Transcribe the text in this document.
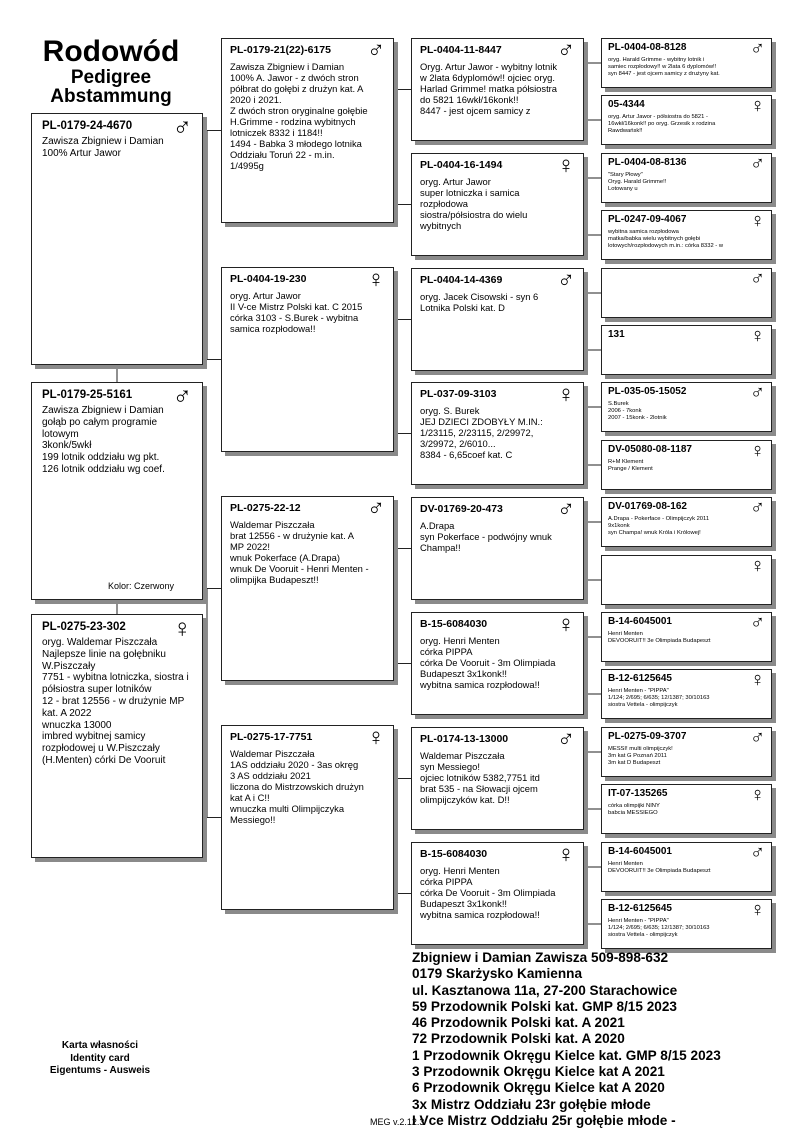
Rodowód
Pedigree
Abstammung
PL-0179-24-4670 ♂
Zawisza Zbigniew i Damian
100% Artur Jawor
PL-0179-25-5161 ♂
Zawisza Zbigniew i Damian
gołąb po całym programie
lotowym
3konk/5wkł
199 lotnik oddziału wg pkt.
126 lotnik oddziału wg coef.
Kolor: Czerwony
PL-0275-23-302 ♀
oryg. Waldemar Piszczała
Najlepsze linie na gołębniku
W.Piszczały
7751 - wybitna lotniczka, siostra i
półsiostra super lotników
12 - brat 12556 - w drużynie MP
kat. A 2022
wnuczka 13000
imbred wybitnej samicy
rozpłodowej u W.Piszczały
(H.Menten) córki De Vooruit
PL-0179-21(22)-6175 ♂
Zawisza Zbigniew i Damian
100% A. Jawor - z dwóch stron
półbrat do gołębi z drużyn kat. A
2020 i 2021.
Z dwóch stron oryginalne gołębie
H.Grimme - rodzina wybitnych
lotniczek 8332 i 1184!!
1494 - Babka 3 młodego lotnika
Oddziału Toruń 22 - m.in.
1/4995g
PL-0404-19-230	♀
oryg. Artur Jawor
II V-ce Mistrz Polski kat. C 2015
córka 3103 - S.Burek - wybitna
samica rozpłodowa!!
PL-0275-22-12	♂
Waldemar Piszczała
brat 12556 - w drużynie kat. A
MP 2022!
wnuk Pokerface (A.Drapa)
wnuk De Vooruit - Henri Menten -
olimpijka Budapeszt!!
PL-0275-17-7751 ♀
Waldemar Piszczała
1AS oddziału 2020 - 3as okręg
3 AS oddziału 2021
liczona do Mistrzowskich drużyn
kat A i C!!
wnuczka multi Olimpijczyka
Messiego!!
PL-0404-11-8447 ♂
Oryg. Artur Jawor - wybitny lotnik
w 2lata 6dyplomów!! ojciec oryg.
Harlad Grimme! matka półsiostra
do 5821 16wkł/16konk!!
8447 - jest ojcem samicy z
PL-0404-16-1494 ♀
oryg. Artur Jawor
super lotniczka i samica
rozpłodowa
siostra/półsiostra do wielu
wybitnych
PL-0404-14-4369 ♂
oryg. Jacek Cisowski - syn 6
Lotnika Polski kat. D
PL-037-09-3103	♀
oryg. S. Burek
JEJ DZIECI ZDOBYŁY M.IN.:
1/23115, 2/23115, 2/29972,
3/29972, 2/6010...
8384 - 6,65coef kat. C
DV-01769-20-473 ♂
A.Drapa
syn Pokerface - podwójny wnuk
Champa!!
B-15-6084030	♀
oryg. Henri Menten
córka PIPPA
córka De Vooruit - 3m Olimpiada
Budapeszt 3x1konk!!
wybitna samica rozpłodowa!!
PL-0174-13-13000 ♂
Waldemar Piszczała
syn Messiego!
ojciec lotników 5382,7751 itd
brat 535 - na Słowacji ojcem
olimpijczyków kat. D!!
B-15-6084030	♀
oryg. Henri Menten
córka PIPPA
córka De Vooruit - 3m Olimpiada
Budapeszt 3x1konk!!
wybitna samica rozpłodowa!!
PL-0404-08-8128	♂
oryg. Harald Grimme - wybitny lotnik i
samiec rozpłodowy!! w 2lata 6 dyplomów!!
syn 8447 - jest ojcem samicy z drużyny kat.
05-4344	♀
oryg. Artur Jawor - półsiostra do 5821 -
16wkł/16konk!! po oryg. Grzesik x rodzina
Rawdwańsk!!
PL-0404-08-8136	♂
"Stary Płowy"
Oryg. Harald Grimme!!
Lotowany u
PL-0247-09-4067	♀
wybitna samica rozpłodowa
matka/babka wielu wybitnych gołębi
lotowych/rozpłodowych m.in.: córka 8332 - w
♂
131	♀
PL-035-05-15052	♂
S.Burek
2006 - 7konk
2007 - 15konk - 2lotnik
DV-05080-08-1187	♀
R+M Klement
Prange / Klement
DV-01769-08-162	♂
A.Drapa - Pokerface - Olimpijczyk 2011
9x1konk
syn Champa! wnuk Króla i Królowej!
♀
B-14-6045001	♂
Henri Menten
DEVOORUIT!! 3e Olimpiada Budapeszt
B-12-6125645	♀
Henri Menten - "PIPPA"
1/124; 2/695; 6/635; 12/1387; 30/10163
siostra Vettela - olimpijczyk
PL-0275-09-3707	♂
MESSI! multi olimpijczyk!
3m kat G Poznań 2011
3m kat D Budapeszt
IT-07-135265	♀
córka olimpijki NINY
babcia MESSIEGO
B-14-6045001	♂
Henri Menten
DEVOORUIT!! 3e Olimpiada Budapeszt
B-12-6125645	♀
Henri Menten - "PIPPA"
1/124; 2/695; 6/635; 12/1387; 30/10163
siostra Vettela - olimpijczyk
Zbigniew i Damian Zawisza 509-898-632
0179 Skarżysko Kamienna
ul. Kasztanowa 11a, 27-200 Starachowice
59 Przodownik Polski kat. GMP 8/15 2023
46 Przodownik Polski kat. A 2021
72 Przodownik Polski kat. A 2020
1 Przodownik Okręgu Kielce kat. GMP 8/15 2023
3 Przodownik Okręgu Kielce kat A 2021
6 Przodownik Okręgu Kielce kat A 2020
3x Mistrz Oddziału 23r gołębie młode
I Vce Mistrz Oddziału 25r gołębie młode -
Karta własności
Identity card
Eigentums - Ausweis
MEG v.2.12.3
